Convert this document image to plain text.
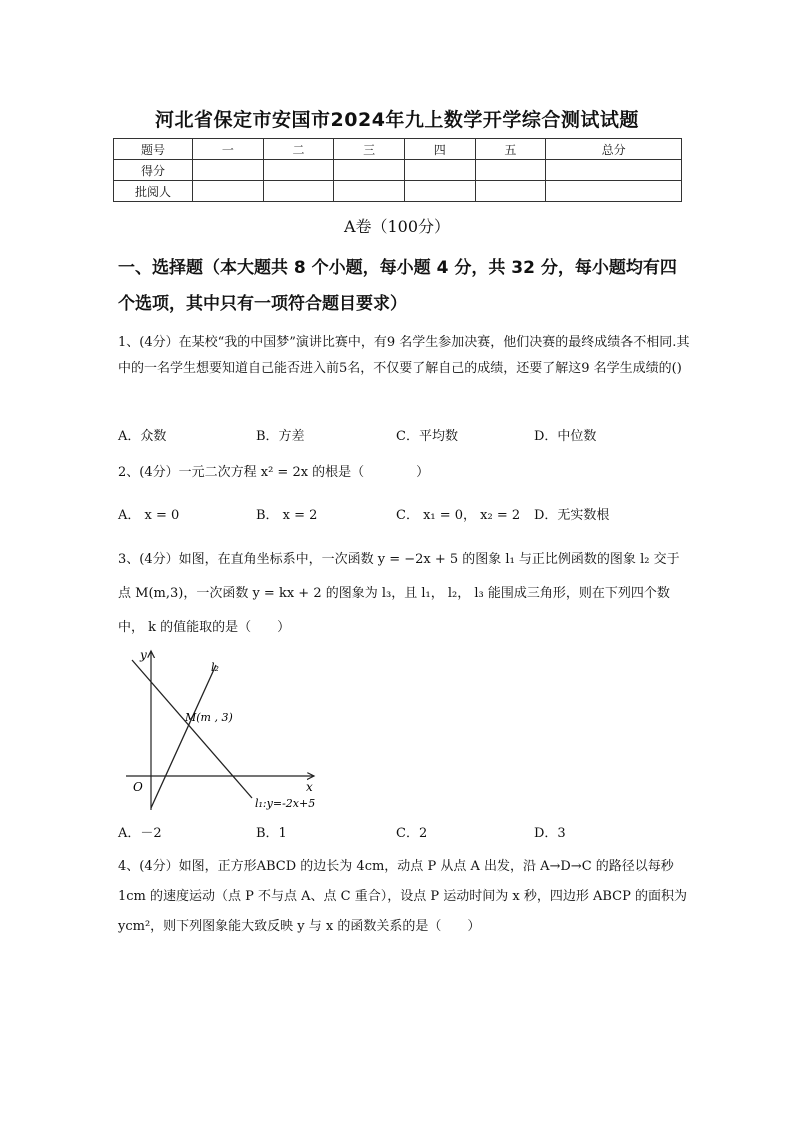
河北省保定市安国市2024年九上数学开学综合测试试题
题号	一	二	三	四	五	总分
得分						
批阅人						
A卷（100分）
一、选择题（本大题共 8 个小题，每小题 4 分，共 32 分，每小题均有四个选项，其中只有一项符合题目要求）
1、(4分）在某校“我的中国梦”演讲比赛中，有9 名学生参加决赛，他们决赛的最终成绩各不相同.其中的一名学生想要知道自己能否进入前5名，不仅要了解自己的成绩，还要了解这9 名学生成绩的()
A．众数	B．方差	C．平均数	D．中位数
2、(4分）一元二次方程 x² = 2x 的根是（　　　　）
A． x = 0	B． x = 2	C． x₁ = 0， x₂ = 2 D．无实数根
3、(4分）如图，在直角坐标系中，一次函数 y = −2x + 5 的图象 l₁ 与正比例函数的图象 l₂ 交于点 M(m,3)，一次函数 y = kx + 2 的图象为 l₃，且 l₁， l₂， l₃ 能围成三角形，则在下列四个数中， k 的值能取的是（　　）
y
x
O
l₂
M(m , 3)
l₁:y=-2x+5
A．－2	B．1	C．2	D．3
4、(4分）如图，正方形ABCD 的边长为 4cm，动点 P 从点 A 出发，沿 A→D→C 的路径以每秒 1cm 的速度运动（点 P 不与点 A、点 C 重合），设点 P 运动时间为 x 秒，四边形 ABCP 的面积为 ycm²，则下列图象能大致反映 y 与 x 的函数关系的是（　　）
